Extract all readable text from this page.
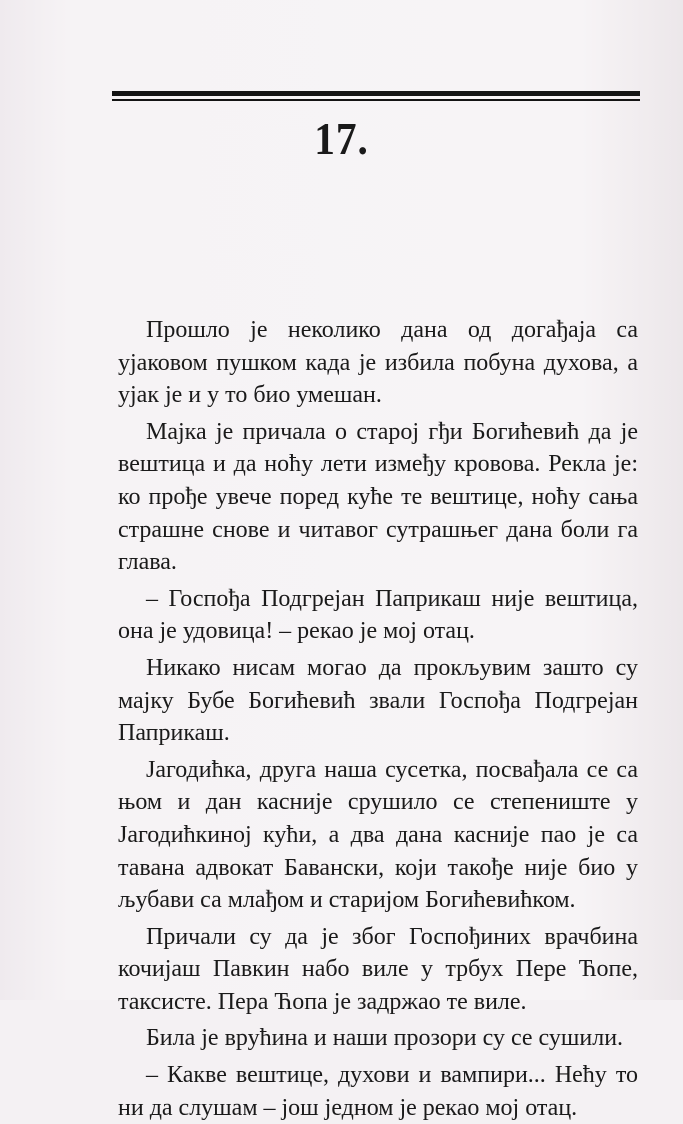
17.

Прошло је неколико дана од догађаја са ујаковом пушком када је избила побуна духова, а ујак је и у то био умешан.

Мајка је причала о старој гђи Богићевић да је вештица и да ноћу лети између кровова. Рекла је: ко прође увече поред куће те вештице, ноћу сања страшне снове и читавог сутрашњег дана боли га глава.

– Госпођа Подгрејан Паприкаш није вештица, она је удовица! – рекао је мој отац.

Никако нисам могао да прокљувим зашто су мајку Бубе Богићевић звали Госпођа Подгрејан Паприкаш.

Јагодићка, друга наша сусетка, посвађала се са њом и дан касније срушило се степениште у Јагодићкиној кући, а два дана касније пао је са тавана адвокат Бавански, који такође није био у љубави са млађом и старијом Богићевићком.

Причали су да је због Госпођиних врачбина кочијаш Павкин набо виле у трбух Пере Ћопе, таксисте. Пера Ћопа је задржао те виле.

Била је врућина и наши прозори су се сушили.

– Какве вештице, духови и вампири... Нећу то ни да слушам – још једном је рекао мој отац.
